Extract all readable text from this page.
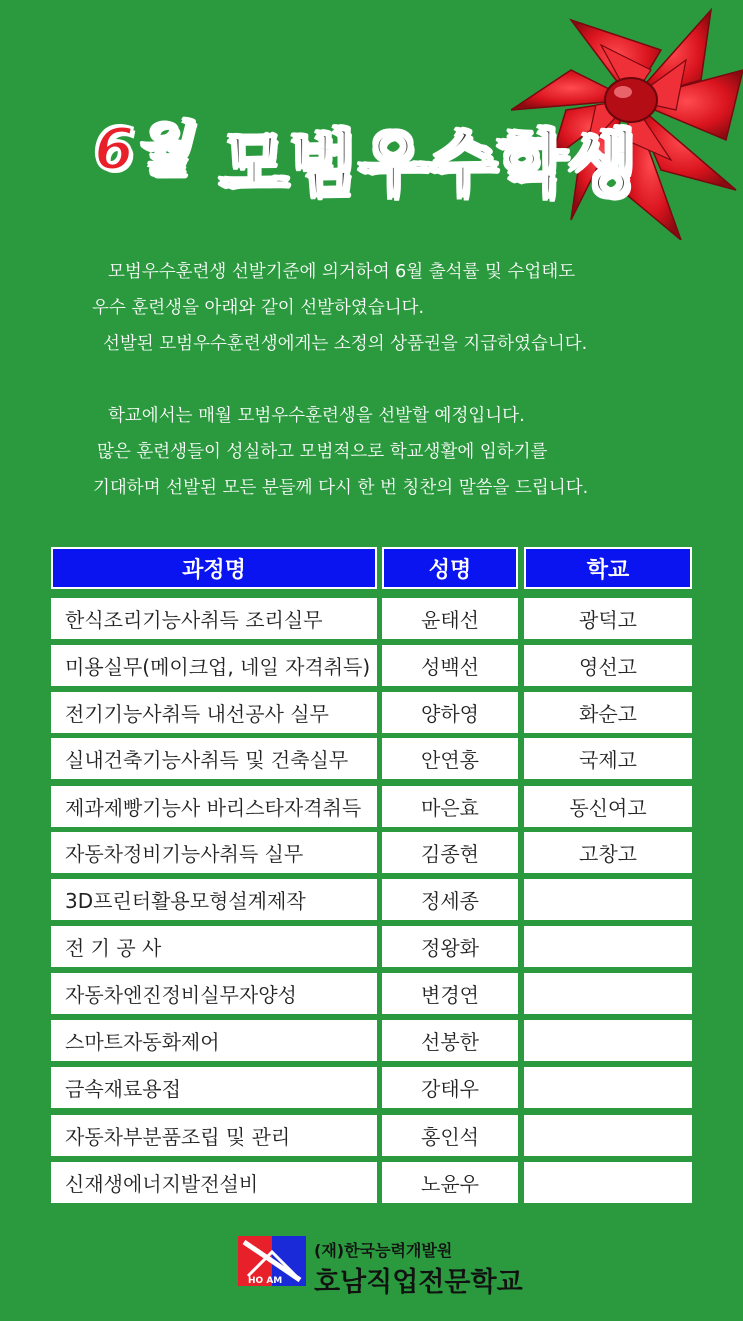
6월 모범우수학생
모범우수훈련생 선발기준에 의거하여 6월 출석률 및 수업태도
우수 훈련생을 아래와 같이 선발하였습니다.
선발된 모범우수훈련생에게는 소정의 상품권을 지급하였습니다.
학교에서는 매월 모범우수훈련생을 선발할 예정입니다.
많은 훈련생들이 성실하고 모범적으로 학교생활에 임하기를
기대하며 선발된 모든 분들께 다시 한 번 칭찬의 말씀을 드립니다.
과정명	성명	학교
한식조리기능사취득 조리실무	윤태선	광덕고
미용실무(메이크업, 네일 자격취득)	성백선	영선고
전기기능사취득 내선공사 실무	양하영	화순고
실내건축기능사취득 및 건축실무	안연홍	국제고
제과제빵기능사 바리스타자격취득	마은효	동신여고
자동차정비기능사취득 실무	김종현	고창고
3D프린터활용모형설계제작	정세종
전 기 공 사	정왕화
자동차엔진정비실무자양성	변경연
스마트자동화제어	선봉한
금속재료용접	강태우
자동차부분품조립 및 관리	홍인석
신재생에너지발전설비	노윤우
HO AM
(재)한국능력개발원
호남직업전문학교
